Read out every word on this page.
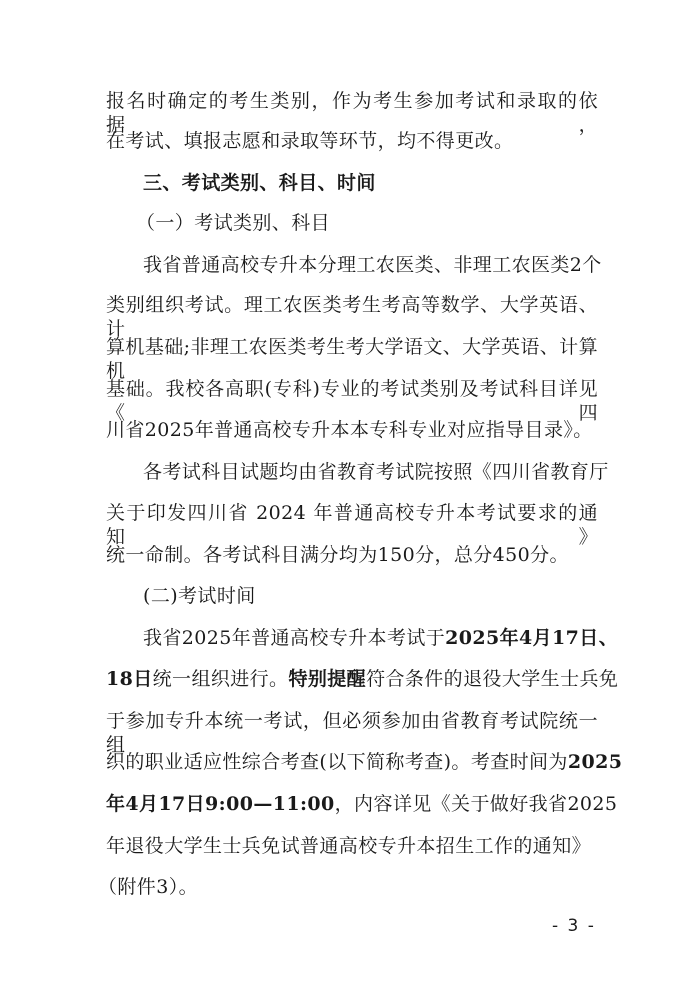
报名时确定的考生类别，作为考生参加考试和录取的依据，
在考试、填报志愿和录取等环节，均不得更改。
三、考试类别、科目、时间
（一）考试类别、科目
我省普通高校专升本分理工农医类、非理工农医类2个
类别组织考试。理工农医类考生考高等数学、大学英语、计
算机基础;非理工农医类考生考大学语文、大学英语、计算机
基础。我校各高职(专科)专业的考试类别及考试科目详见《四
川省2025年普通高校专升本本专科专业对应指导目录》。
各考试科目试题均由省教育考试院按照《四川省教育厅
关于印发四川省 2024 年普通高校专升本考试要求的通知》
统一命制。各考试科目满分均为150分，总分450分。
(二)考试时间
我省2025年普通高校专升本考试于2025年4月17日、
18日统一组织进行。特别提醒符合条件的退役大学生士兵免
于参加专升本统一考试，但必须参加由省教育考试院统一组
织的职业适应性综合考查(以下简称考查)。考查时间为2025
年4月17日9:00—11:00，内容详见《关于做好我省2025
年退役大学生士兵免试普通高校专升本招生工作的通知》
（附件3）。
- 3 -
